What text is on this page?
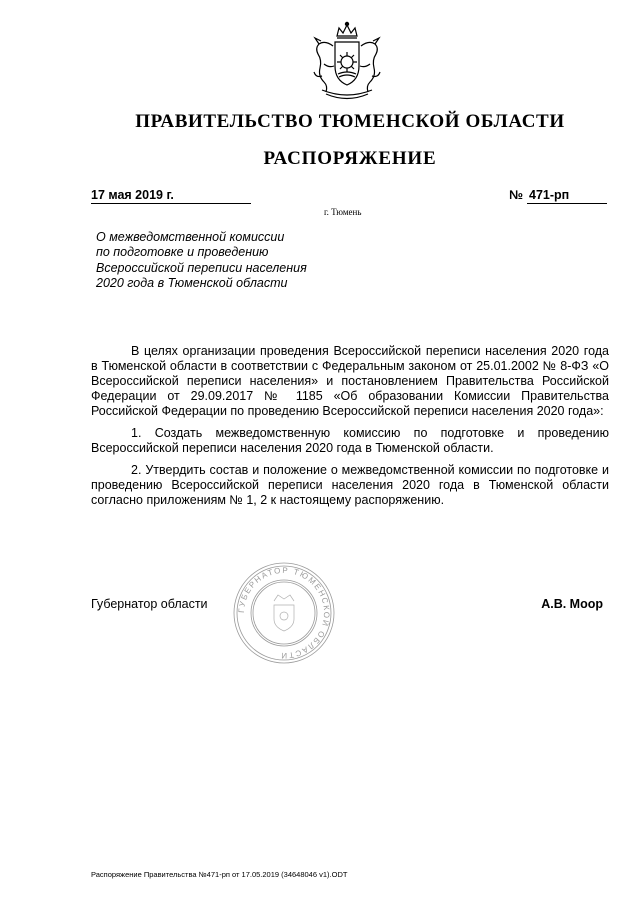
ПРАВИТЕЛЬСТВО ТЮМЕНСКОЙ ОБЛАСТИ
РАСПОРЯЖЕНИЕ
17 мая 2019 г.	№ 471-рп
г. Тюмень
О межведомственной комиссии
по подготовке и проведению
Всероссийской переписи населения
2020 года в Тюменской области

В целях организации проведения Всероссийской переписи населения 2020 года в Тюменской области в соответствии с Федеральным законом от 25.01.2002 № 8-ФЗ «О Всероссийской переписи населения» и постановлением Правительства Российской Федерации от 29.09.2017 № 1185 «Об образовании Комиссии Правительства Российской Федерации по проведению Всероссийской переписи населения 2020 года»:

1. Создать межведомственную комиссию по подготовке и проведению Всероссийской переписи населения 2020 года в Тюменской области.

2. Утвердить состав и положение о межведомственной комиссии по подготовке и проведению Всероссийской переписи населения 2020 года в Тюменской области согласно приложениям № 1, 2 к настоящему распоряжению.

ГУБЕРНАТОР ТЮМЕНСКОЙ ОБЛАСТИ
Губернатор области	А.В. Моор
Распоряжение Правительства №471-рп от 17.05.2019 (34648046 v1).ODT
